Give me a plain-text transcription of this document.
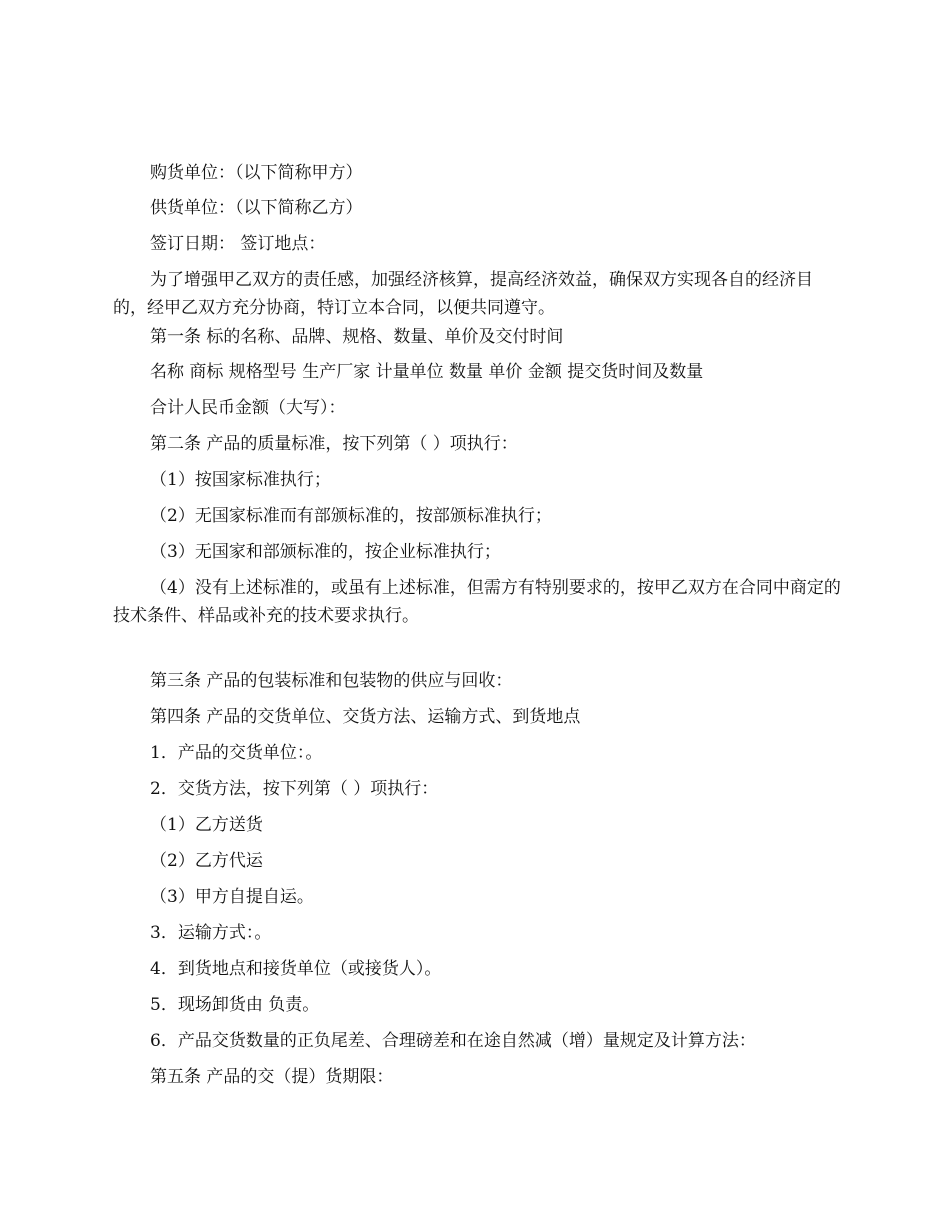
购货单位：（以下简称甲方）
供货单位：（以下简称乙方）
签订日期： 签订地点：
为了增强甲乙双方的责任感，加强经济核算，提高经济效益，确保双方实现各自的经济目的，经甲乙双方充分协商，特订立本合同，以便共同遵守。
第一条 标的名称、品牌、规格、数量、单价及交付时间
名称 商标 规格型号 生产厂家 计量单位 数量 单价 金额 提交货时间及数量
合计人民币金额（大写）：
第二条 产品的质量标准，按下列第（ ）项执行：
（1）按国家标准执行；
（2）无国家标准而有部颁标准的，按部颁标准执行；
（3）无国家和部颁标准的，按企业标准执行；
（4）没有上述标准的，或虽有上述标准，但需方有特别要求的，按甲乙双方在合同中商定的技术条件、样品或补充的技术要求执行。
第三条 产品的包装标准和包装物的供应与回收：
第四条 产品的交货单位、交货方法、运输方式、到货地点
1．产品的交货单位：。
2．交货方法，按下列第（ ）项执行：
（1）乙方送货
（2）乙方代运
（3）甲方自提自运。
3．运输方式：。
4．到货地点和接货单位（或接货人）。
5．现场卸货由 负责。
6．产品交货数量的正负尾差、合理磅差和在途自然减（增）量规定及计算方法：
第五条 产品的交（提）货期限：
